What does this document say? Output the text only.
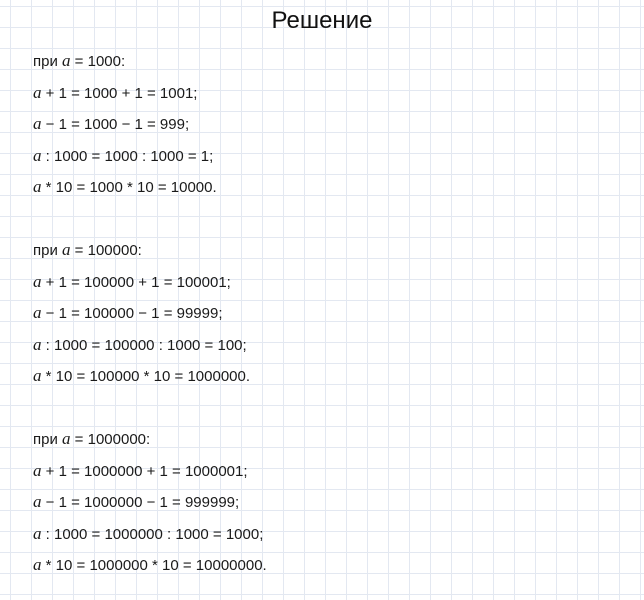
Решение
при a = 1000:
a + 1 = 1000 + 1 = 1001;
a − 1 = 1000 − 1 = 999;
a : 1000 = 1000 : 1000 = 1;
a * 10 = 1000 * 10 = 10000.
при a = 100000:
a + 1 = 100000 + 1 = 100001;
a − 1 = 100000 − 1 = 99999;
a : 1000 = 100000 : 1000 = 100;
a * 10 = 100000 * 10 = 1000000.
при a = 1000000:
a + 1 = 1000000 + 1 = 1000001;
a − 1 = 1000000 − 1 = 999999;
a : 1000 = 1000000 : 1000 = 1000;
a * 10 = 1000000 * 10 = 10000000.
